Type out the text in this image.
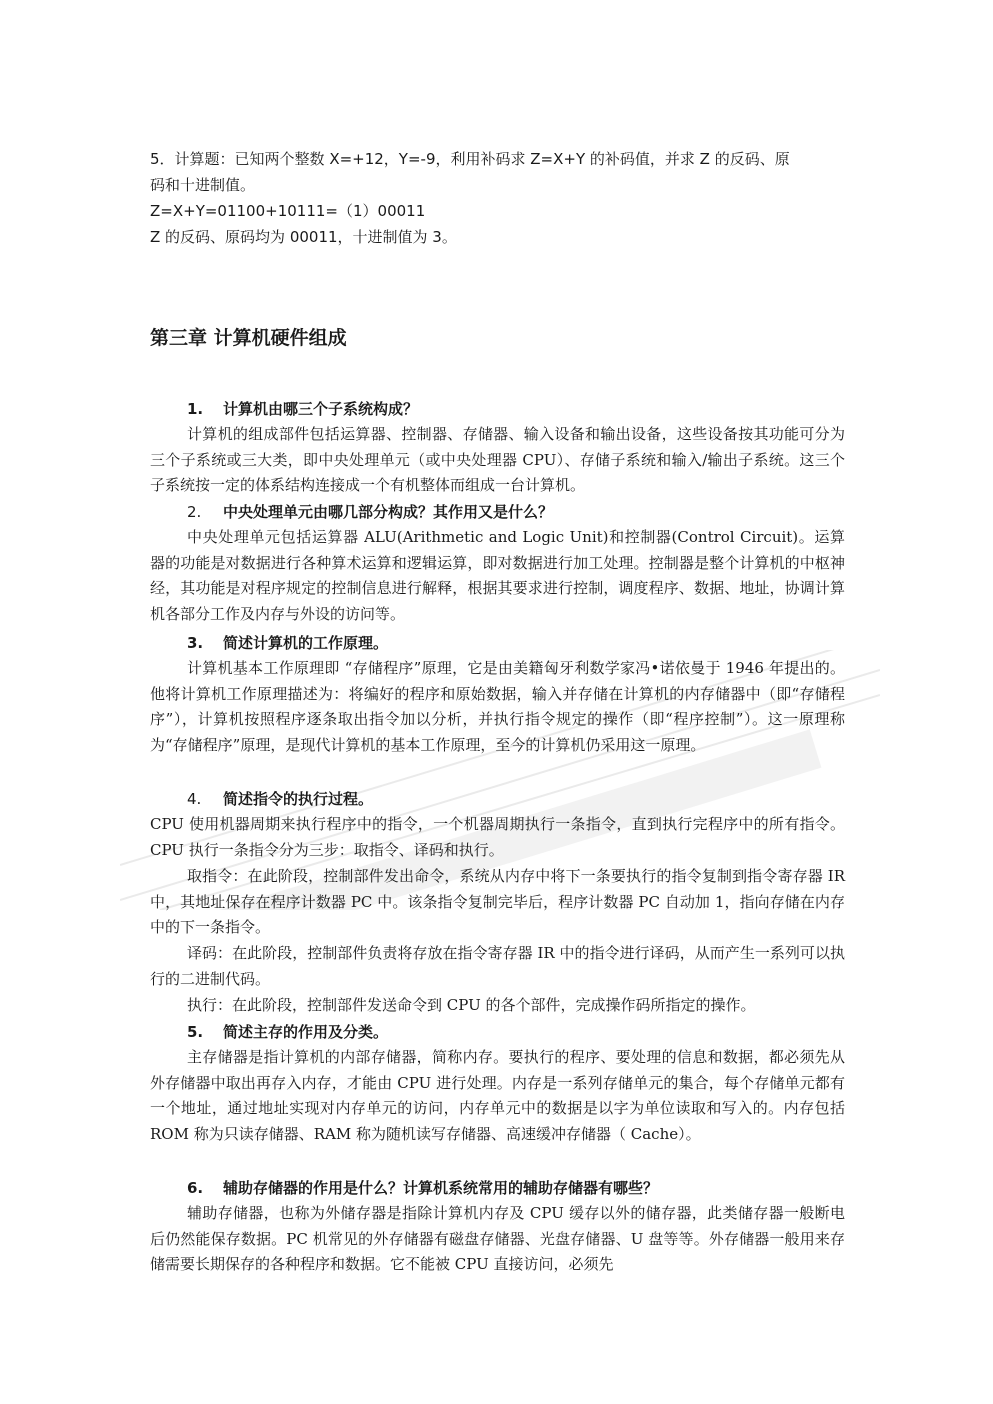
5．计算题：已知两个整数 X=+12，Y=-9，利用补码求 Z=X+Y 的补码值，并求 Z 的反码、原
码和十进制值。
Z=X+Y=01100+10111=（1）00011
Z 的反码、原码均为 00011，十进制值为 3。
第三章 计算机硬件组成
1. 计算机由哪三个子系统构成？
计算机的组成部件包括运算器、控制器、存储器、输入设备和输出设备，这些设备按其功能可分为三个子系统或三大类，即中央处理单元（或中央处理器 CPU）、存储子系统和输入/输出子系统。这三个子系统按一定的体系结构连接成一个有机整体而组成一台计算机。
2. 中央处理单元由哪几部分构成？其作用又是什么？
中央处理单元包括运算器 ALU(Arithmetic and Logic Unit)和控制器(Control Circuit)。运算器的功能是对数据进行各种算术运算和逻辑运算，即对数据进行加工处理。控制器是整个计算机的中枢神经，其功能是对程序规定的控制信息进行解释，根据其要求进行控制，调度程序、数据、地址，协调计算机各部分工作及内存与外设的访问等。
3. 简述计算机的工作原理。
计算机基本工作原理即 “存储程序”原理，它是由美籍匈牙利数学家冯•诺依曼于 1946 年提出的。他将计算机工作原理描述为：将编好的程序和原始数据，输入并存储在计算机的内存储器中（即“存储程序”），计算机按照程序逐条取出指令加以分析，并执行指令规定的操作（即“程序控制”）。这一原理称为“存储程序”原理，是现代计算机的基本工作原理，至今的计算机仍采用这一原理。
4. 简述指令的执行过程。
CPU 使用机器周期来执行程序中的指令，一个机器周期执行一条指令，直到执行完程序中的所有指令。CPU 执行一条指令分为三步：取指令、译码和执行。
取指令：在此阶段，控制部件发出命令，系统从内存中将下一条要执行的指令复制到指令寄存器 IR 中，其地址保存在程序计数器 PC 中。该条指令复制完毕后，程序计数器 PC 自动加 1，指向存储在内存中的下一条指令。
译码：在此阶段，控制部件负责将存放在指令寄存器 IR 中的指令进行译码，从而产生一系列可以执行的二进制代码。
执行：在此阶段，控制部件发送命令到 CPU 的各个部件，完成操作码所指定的操作。
5. 简述主存的作用及分类。
主存储器是指计算机的内部存储器，简称内存。要执行的程序、要处理的信息和数据，都必须先从外存储器中取出再存入内存，才能由 CPU 进行处理。内存是一系列存储单元的集合，每个存储单元都有一个地址，通过地址实现对内存单元的访问，内存单元中的数据是以字为单位读取和写入的。内存包括 ROM 称为只读存储器、RAM 称为随机读写存储器、高速缓冲存储器（ Cache）。
6. 辅助存储器的作用是什么？计算机系统常用的辅助存储器有哪些？
辅助存储器，也称为外储存器是指除计算机内存及 CPU 缓存以外的储存器，此类储存器一般断电后仍然能保存数据。PC 机常见的外存储器有磁盘存储器、光盘存储器、U 盘等等。外存储器一般用来存储需要长期保存的各种程序和数据。它不能被 CPU 直接访问，必须先
